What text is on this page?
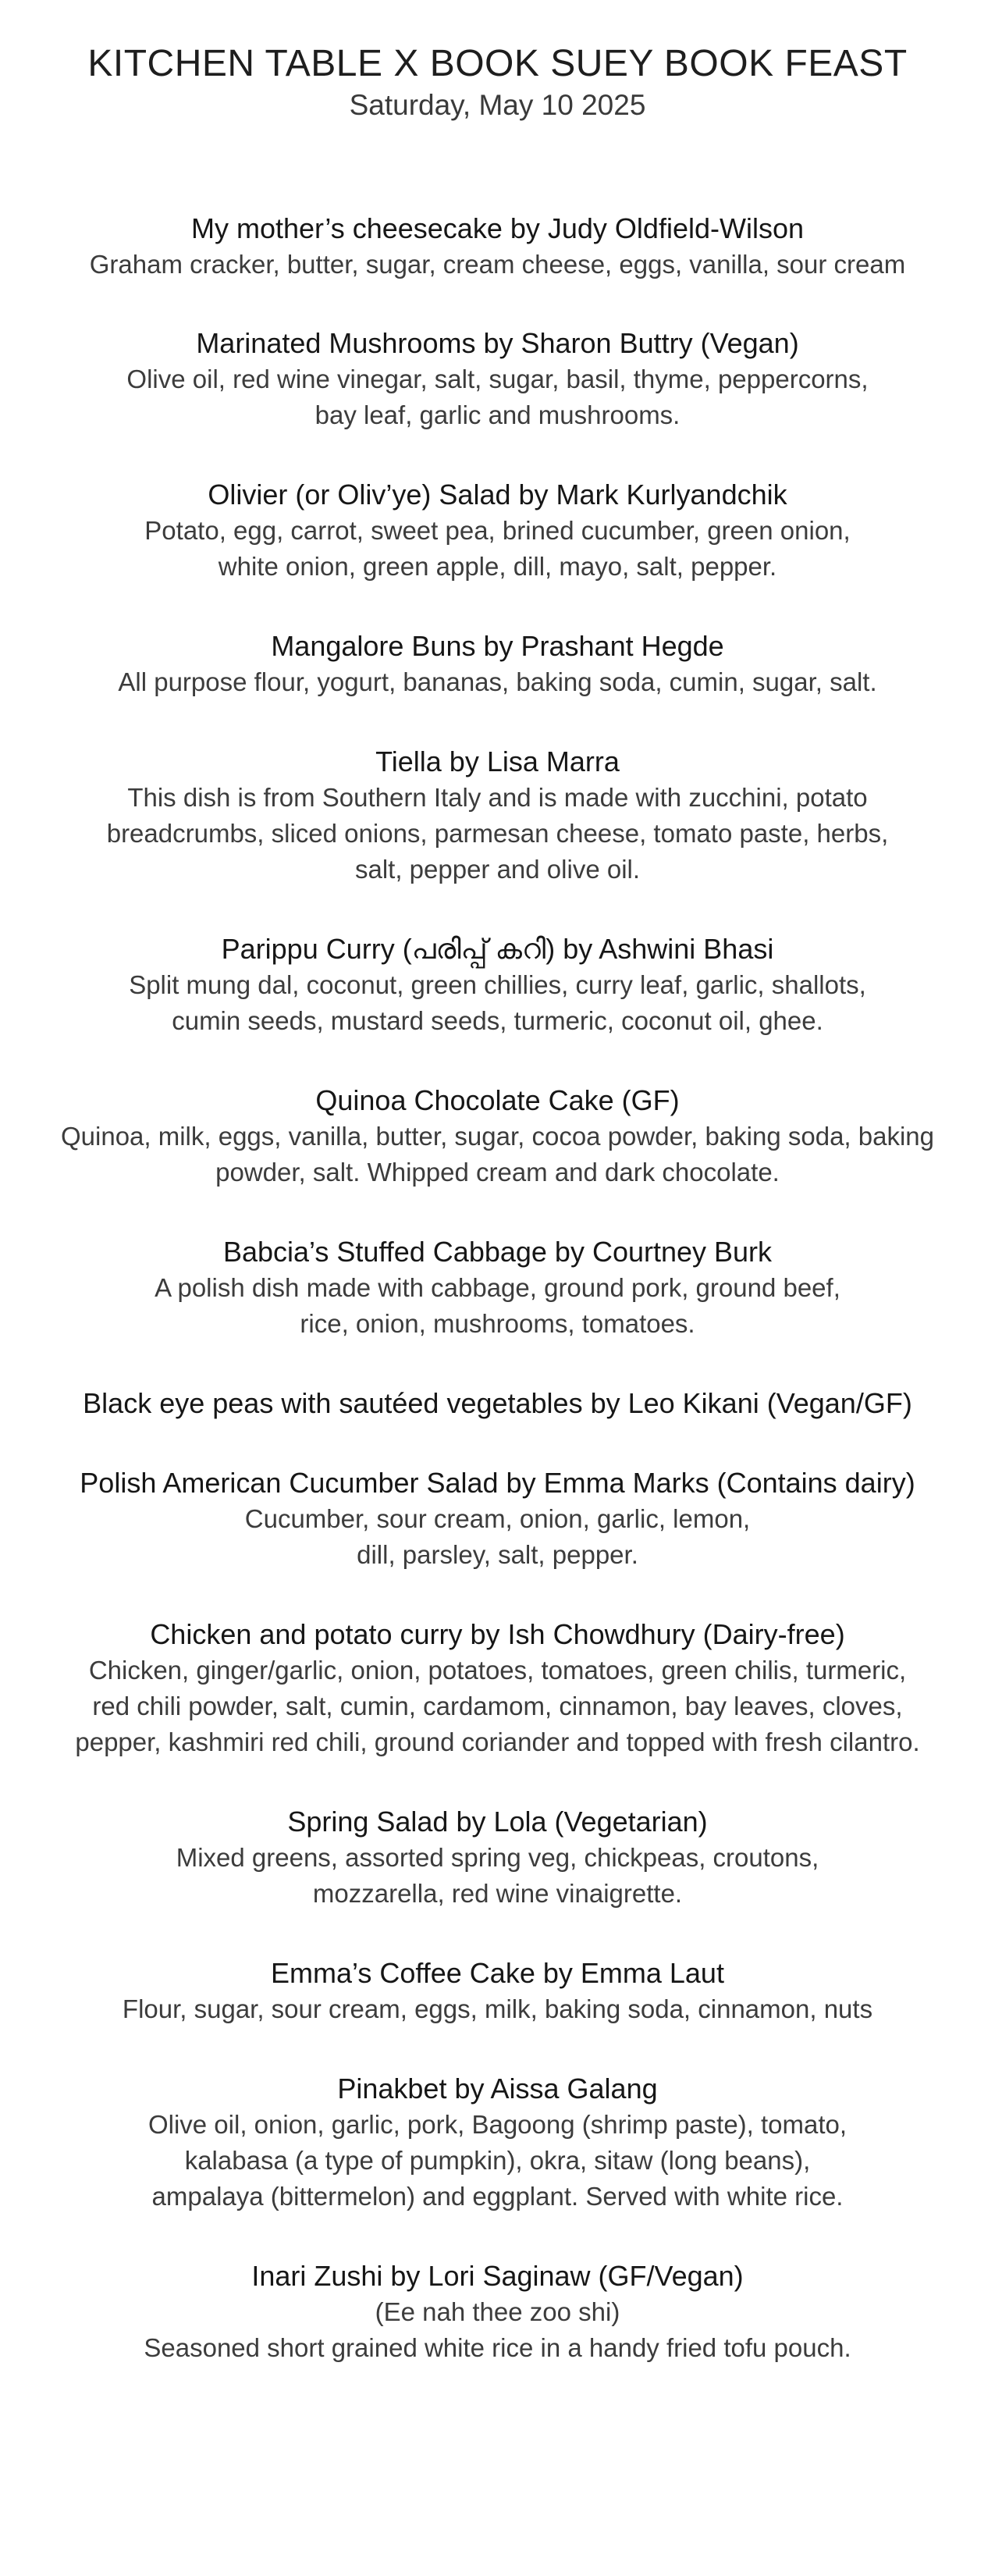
KITCHEN TABLE X BOOK SUEY BOOK FEAST

Saturday, May 10 2025

My mother’s cheesecake by Judy Oldfield-Wilson

Graham cracker, butter, sugar, cream cheese, eggs, vanilla, sour cream

Marinated Mushrooms by Sharon Buttry (Vegan)

Olive oil, red wine vinegar, salt, sugar, basil, thyme, peppercorns,
bay leaf, garlic and mushrooms.

Olivier (or Oliv’ye) Salad by Mark Kurlyandchik

Potato, egg, carrot, sweet pea, brined cucumber, green onion,
white onion, green apple, dill, mayo, salt, pepper.

Mangalore Buns by Prashant Hegde

All purpose flour, yogurt, bananas, baking soda, cumin, sugar, salt.

Tiella by Lisa Marra

This dish is from Southern Italy and is made with zucchini, potato
breadcrumbs, sliced onions, parmesan cheese, tomato paste, herbs,
salt, pepper and olive oil.

Parippu Curry (പരിപ്പ് കറി) by Ashwini Bhasi

Split mung dal, coconut, green chillies, curry leaf, garlic, shallots,
cumin seeds, mustard seeds, turmeric, coconut oil, ghee.

Quinoa Chocolate Cake (GF)

Quinoa, milk, eggs, vanilla, butter, sugar, cocoa powder, baking soda, baking
powder, salt. Whipped cream and dark chocolate.

Babcia’s Stuffed Cabbage by Courtney Burk

A polish dish made with cabbage, ground pork, ground beef,
rice, onion, mushrooms, tomatoes.

Black eye peas with sautéed vegetables by Leo Kikani (Vegan/GF)

Polish American Cucumber Salad by Emma Marks (Contains dairy)

Cucumber, sour cream, onion, garlic, lemon,
dill, parsley, salt, pepper.

Chicken and potato curry by Ish Chowdhury (Dairy-free)

Chicken, ginger/garlic, onion, potatoes, tomatoes, green chilis, turmeric,
red chili powder, salt, cumin, cardamom, cinnamon, bay leaves, cloves,
pepper, kashmiri red chili, ground coriander and topped with fresh cilantro.

Spring Salad by Lola (Vegetarian)

Mixed greens, assorted spring veg, chickpeas, croutons,
mozzarella, red wine vinaigrette.

Emma’s Coffee Cake by Emma Laut

Flour, sugar, sour cream, eggs, milk, baking soda, cinnamon, nuts

Pinakbet by Aissa Galang

Olive oil, onion, garlic, pork, Bagoong (shrimp paste), tomato,
kalabasa (a type of pumpkin), okra, sitaw (long beans),
ampalaya (bittermelon) and eggplant. Served with white rice.

Inari Zushi by Lori Saginaw (GF/Vegan)

(Ee nah thee zoo shi)
Seasoned short grained white rice in a handy fried tofu pouch.
